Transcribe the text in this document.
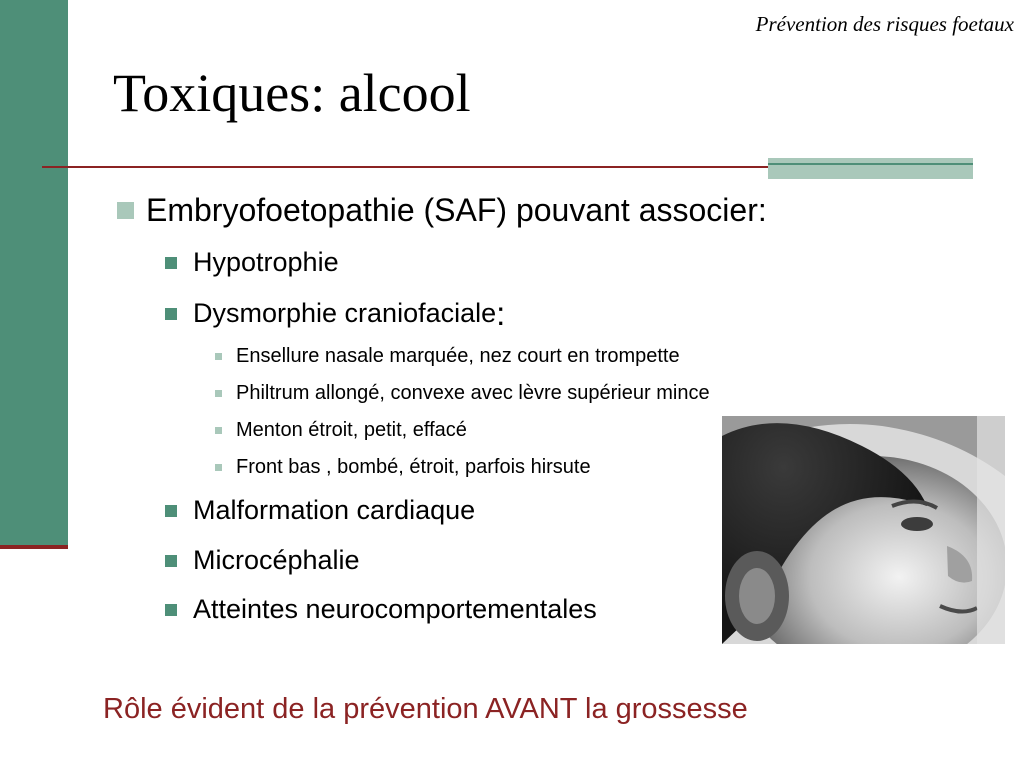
Prévention des risques foetaux
Toxiques: alcool
Embryofoetopathie (SAF) pouvant associer:
Hypotrophie
Dysmorphie craniofaciale :
Ensellure nasale marquée, nez court en trompette
Philtrum allongé, convexe avec lèvre supérieur mince
Menton étroit, petit, effacé
Front bas , bombé, étroit, parfois hirsute
Malformation cardiaque
Microcéphalie
Atteintes neurocomportementales
Rôle évident de la prévention AVANT la grossesse
